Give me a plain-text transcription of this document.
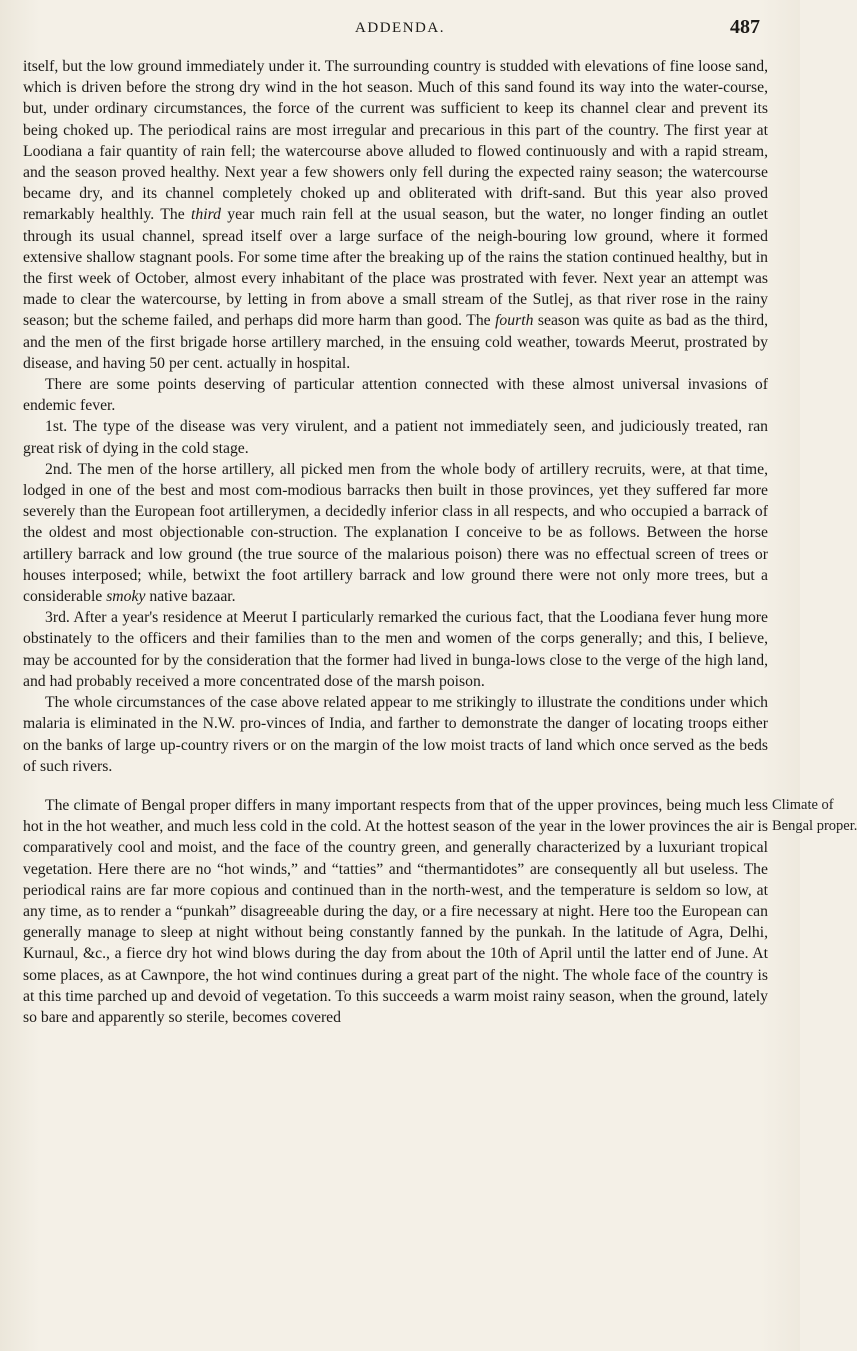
ADDENDA.	487

itself, but the low ground immediately under it. The surrounding country is studded with elevations of fine loose sand, which is driven before the strong dry wind in the hot season. Much of this sand found its way into the water-course, but, under ordinary circumstances, the force of the current was sufficient to keep its channel clear and prevent its being choked up. The periodical rains are most irregular and precarious in this part of the country. The first year at Loodiana a fair quantity of rain fell; the watercourse above alluded to flowed continuously and with a rapid stream, and the season proved healthy. Next year a few showers only fell during the expected rainy season; the watercourse became dry, and its channel completely choked up and obliterated with drift-sand. But this year also proved remarkably healthly. The third year much rain fell at the usual season, but the water, no longer finding an outlet through its usual channel, spread itself over a large surface of the neigh-bouring low ground, where it formed extensive shallow stagnant pools. For some time after the breaking up of the rains the station continued healthy, but in the first week of October, almost every inhabitant of the place was prostrated with fever. Next year an attempt was made to clear the watercourse, by letting in from above a small stream of the Sutlej, as that river rose in the rainy season; but the scheme failed, and perhaps did more harm than good. The fourth season was quite as bad as the third, and the men of the first brigade horse artillery marched, in the ensuing cold weather, towards Meerut, prostrated by disease, and having 50 per cent. actually in hospital.

There are some points deserving of particular attention connected with these almost universal invasions of endemic fever.

1st. The type of the disease was very virulent, and a patient not immediately seen, and judiciously treated, ran great risk of dying in the cold stage.

2nd. The men of the horse artillery, all picked men from the whole body of artillery recruits, were, at that time, lodged in one of the best and most com-modious barracks then built in those provinces, yet they suffered far more severely than the European foot artillerymen, a decidedly inferior class in all respects, and who occupied a barrack of the oldest and most objectionable con-struction. The explanation I conceive to be as follows. Between the horse artillery barrack and low ground (the true source of the malarious poison) there was no effectual screen of trees or houses interposed; while, betwixt the foot artillery barrack and low ground there were not only more trees, but a considerable smoky native bazaar.

3rd. After a year's residence at Meerut I particularly remarked the curious fact, that the Loodiana fever hung more obstinately to the officers and their families than to the men and women of the corps generally; and this, I believe, may be accounted for by the consideration that the former had lived in bunga-lows close to the verge of the high land, and had probably received a more concentrated dose of the marsh poison.

The whole circumstances of the case above related appear to me strikingly to illustrate the conditions under which malaria is eliminated in the N.W. pro-vinces of India, and farther to demonstrate the danger of locating troops either on the banks of large up-country rivers or on the margin of the low moist tracts of land which once served as the beds of such rivers.

The climate of Bengal proper differs in many important respects from that of the upper provinces, being much less hot in the hot weather, and much less cold in the cold. At the hottest season of the year in the lower provinces the air is comparatively cool and moist, and the face of the country green, and generally characterized by a luxuriant tropical vegetation. Here there are no “hot winds,” and “tatties” and “thermantidotes” are consequently all but useless. The periodical rains are far more copious and continued than in the north-west, and the temperature is seldom so low, at any time, as to render a “punkah” disagreeable during the day, or a fire necessary at night. Here too the European can generally manage to sleep at night without being constantly fanned by the punkah. In the latitude of Agra, Delhi, Kurnaul, &c., a fierce dry hot wind blows during the day from about the 10th of April until the latter end of June. At some places, as at Cawnpore, the hot wind continues during a great part of the night. The whole face of the country is at this time parched up and devoid of vegetation. To this succeeds a warm moist rainy season, when the ground, lately so bare and apparently so sterile, becomes covered

Climate of
Bengal proper.
